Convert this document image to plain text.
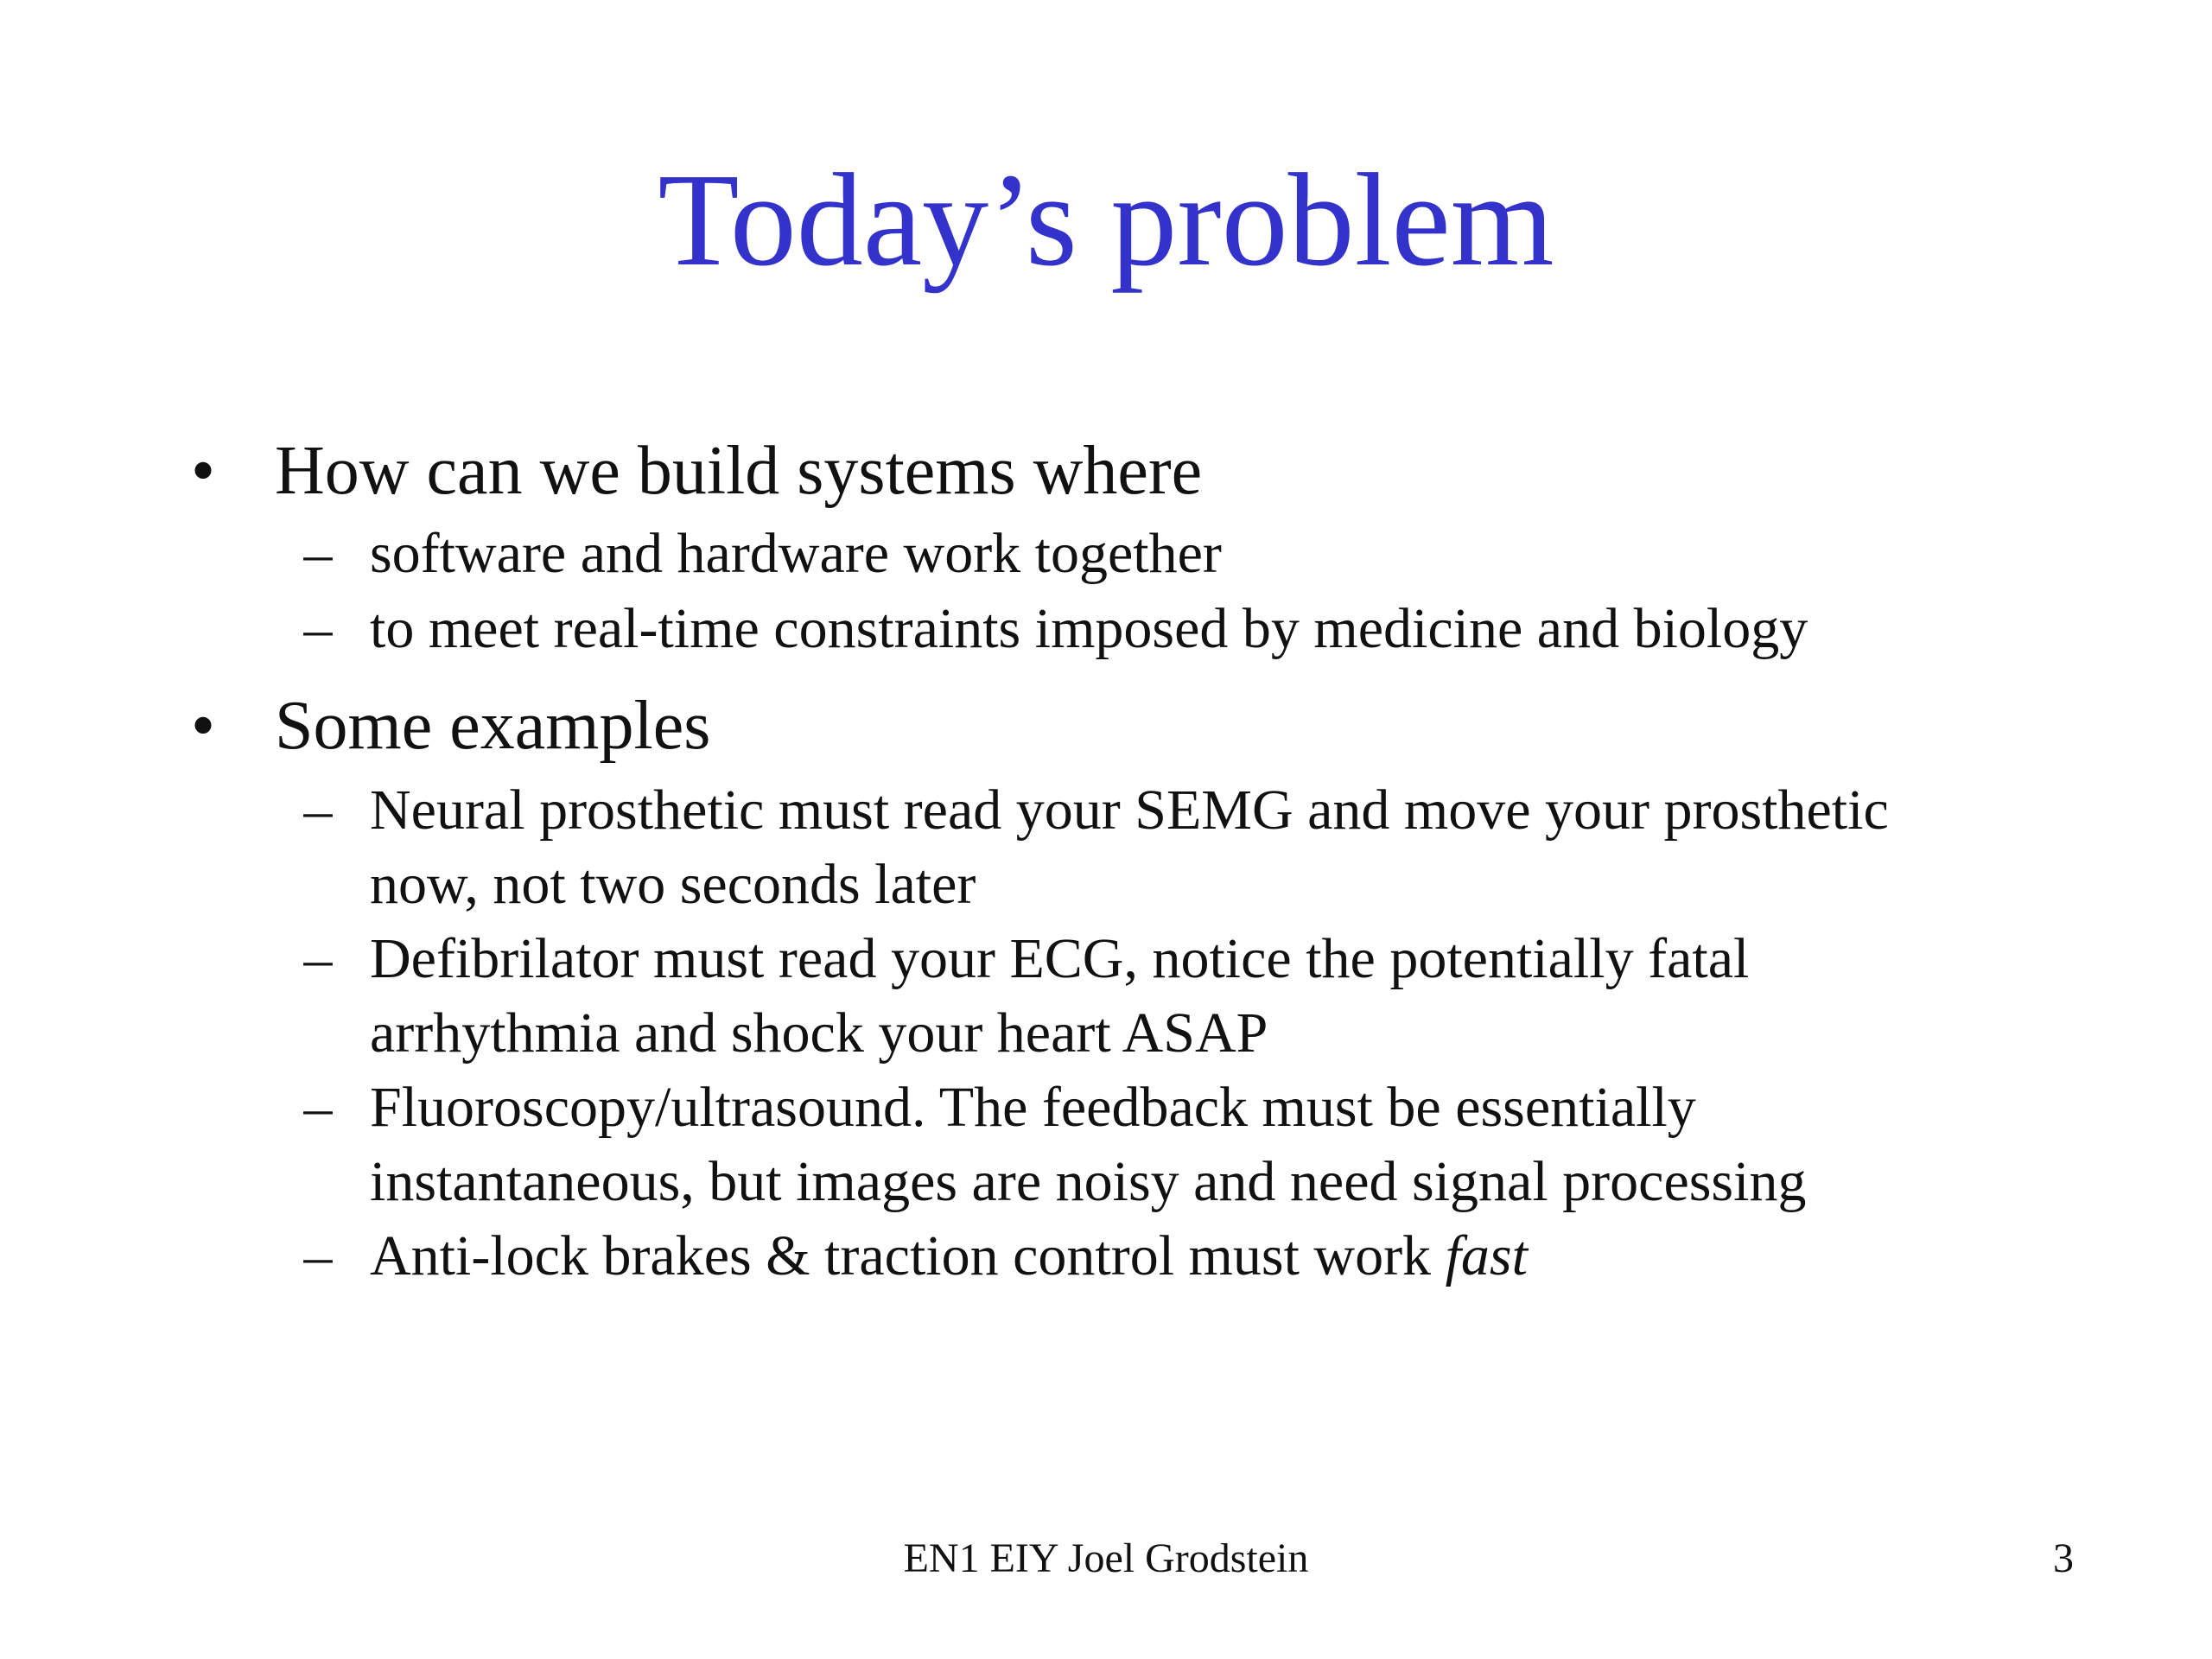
Today’s problem
• How can we build systems where
– software and hardware work together
– to meet real-time constraints imposed by medicine and biology
• Some examples
– Neural prosthetic must read your SEMG and move your prosthetic
now, not two seconds later
– Defibrilator must read your ECG, notice the potentially fatal
arrhythmia and shock your heart ASAP
– Fluoroscopy/ultrasound. The feedback must be essentially
instantaneous, but images are noisy and need signal processing
– Anti-lock brakes & traction control must work fast
EN1 EIY Joel Grodstein	3
